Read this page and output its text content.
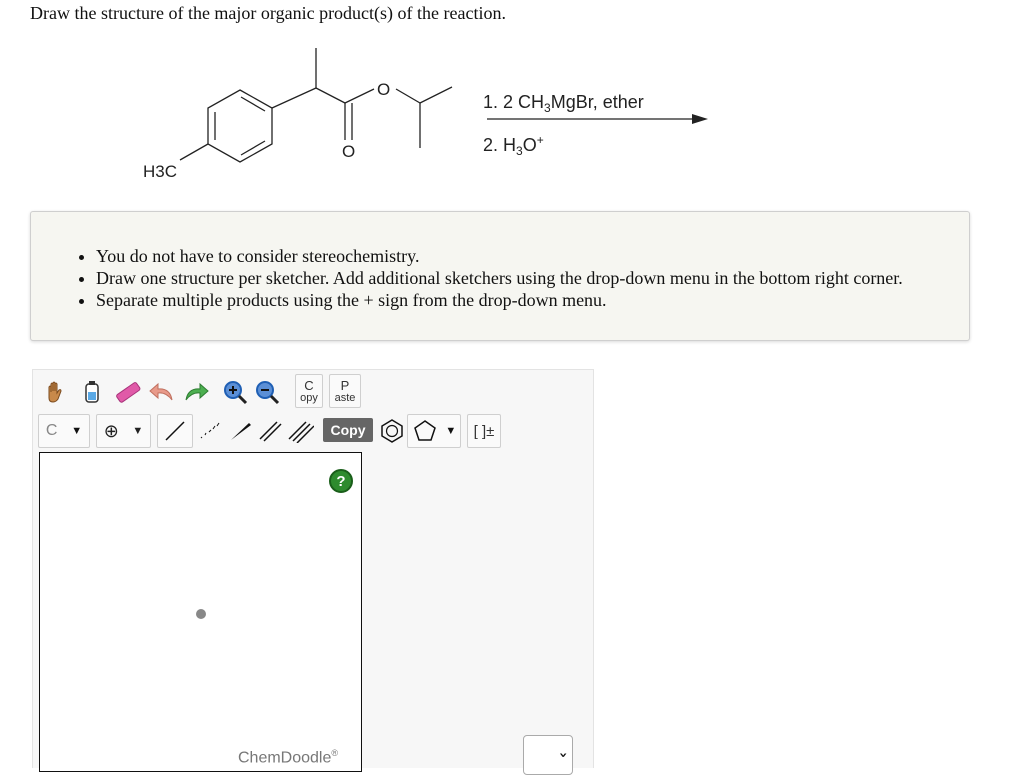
Draw the structure of the major organic product(s) of the reaction.
H3C
O
O
1. 2 $CH_3MgBr$, ether
2. $H_3O^+$
• You do not have to consider stereochemistry.
• Draw one structure per sketcher. Add additional sketchers using the drop-down menu in the bottom right corner.
• Separate multiple products using the + sign from the drop-down menu.
C
opy
P
aste
C ▼ ⊕ ▼	▼	[ ]±
Copy
?
ChemDoodle®	›
